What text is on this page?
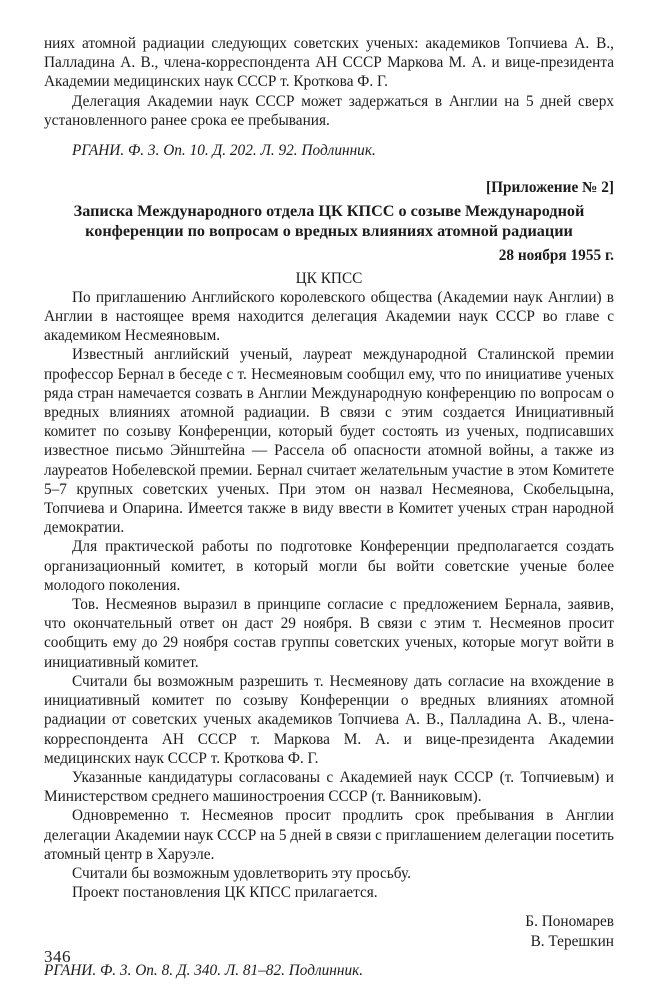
ниях атомной радиации следующих советских ученых: академиков Топчиева А. В., Палладина А. В., члена-корреспондента АН СССР Маркова М. А. и вице-президента Академии медицинских наук СССР т. Кроткова Ф. Г.

Делегация Академии наук СССР может задержаться в Англии на 5 дней сверх установленного ранее срока ее пребывания.

РГАНИ. Ф. 3. Оп. 10. Д. 202. Л. 92. Подлинник.

[Приложение № 2]

Записка Международного отдела ЦК КПСС о созыве Международной конференции по вопросам о вредных влияниях атомной радиации

28 ноября 1955 г.

ЦК КПСС

По приглашению Английского королевского общества (Академии наук Англии) в Англии в настоящее время находится делегация Академии наук СССР во главе с академиком Несмеяновым.

Известный английский ученый, лауреат международной Сталинской премии профессор Бернал в беседе с т. Несмеяновым сообщил ему, что по инициативе ученых ряда стран намечается созвать в Англии Международную конференцию по вопросам о вредных влияниях атомной радиации. В связи с этим создается Инициативный комитет по созыву Конференции, который будет состоять из ученых, подписавших известное письмо Эйнштейна — Рассела об опасности атомной войны, а также из лауреатов Нобелевской премии. Бернал считает желательным участие в этом Комитете 5–7 крупных советских ученых. При этом он назвал Несмеянова, Скобельцына, Топчиева и Опарина. Имеется также в виду ввести в Комитет ученых стран народной демократии.

Для практической работы по подготовке Конференции предполагается создать организационный комитет, в который могли бы войти советские ученые более молодого поколения.

Тов. Несмеянов выразил в принципе согласие с предложением Бернала, заявив, что окончательный ответ он даст 29 ноября. В связи с этим т. Несмеянов просит сообщить ему до 29 ноября состав группы советских ученых, которые могут войти в инициативный комитет.

Считали бы возможным разрешить т. Несмеянову дать согласие на вхождение в инициативный комитет по созыву Конференции о вредных влияниях атомной радиации от советских ученых академиков Топчиева А. В., Палладина А. В., члена-корреспондента АН СССР т. Маркова М. А. и вице-президента Академии медицинских наук СССР т. Кроткова Ф. Г.

Указанные кандидатуры согласованы с Академией наук СССР (т. Топчиевым) и Министерством среднего машиностроения СССР (т. Ванниковым).

Одновременно т. Несмеянов просит продлить срок пребывания в Англии делегации Академии наук СССР на 5 дней в связи с приглашением делегации посетить атомный центр в Харуэле.

Считали бы возможным удовлетворить эту просьбу.

Проект постановления ЦК КПСС прилагается.

Б. Пономарев

В. Терешкин

РГАНИ. Ф. 3. Оп. 8. Д. 340. Л. 81–82. Подлинник.

346
